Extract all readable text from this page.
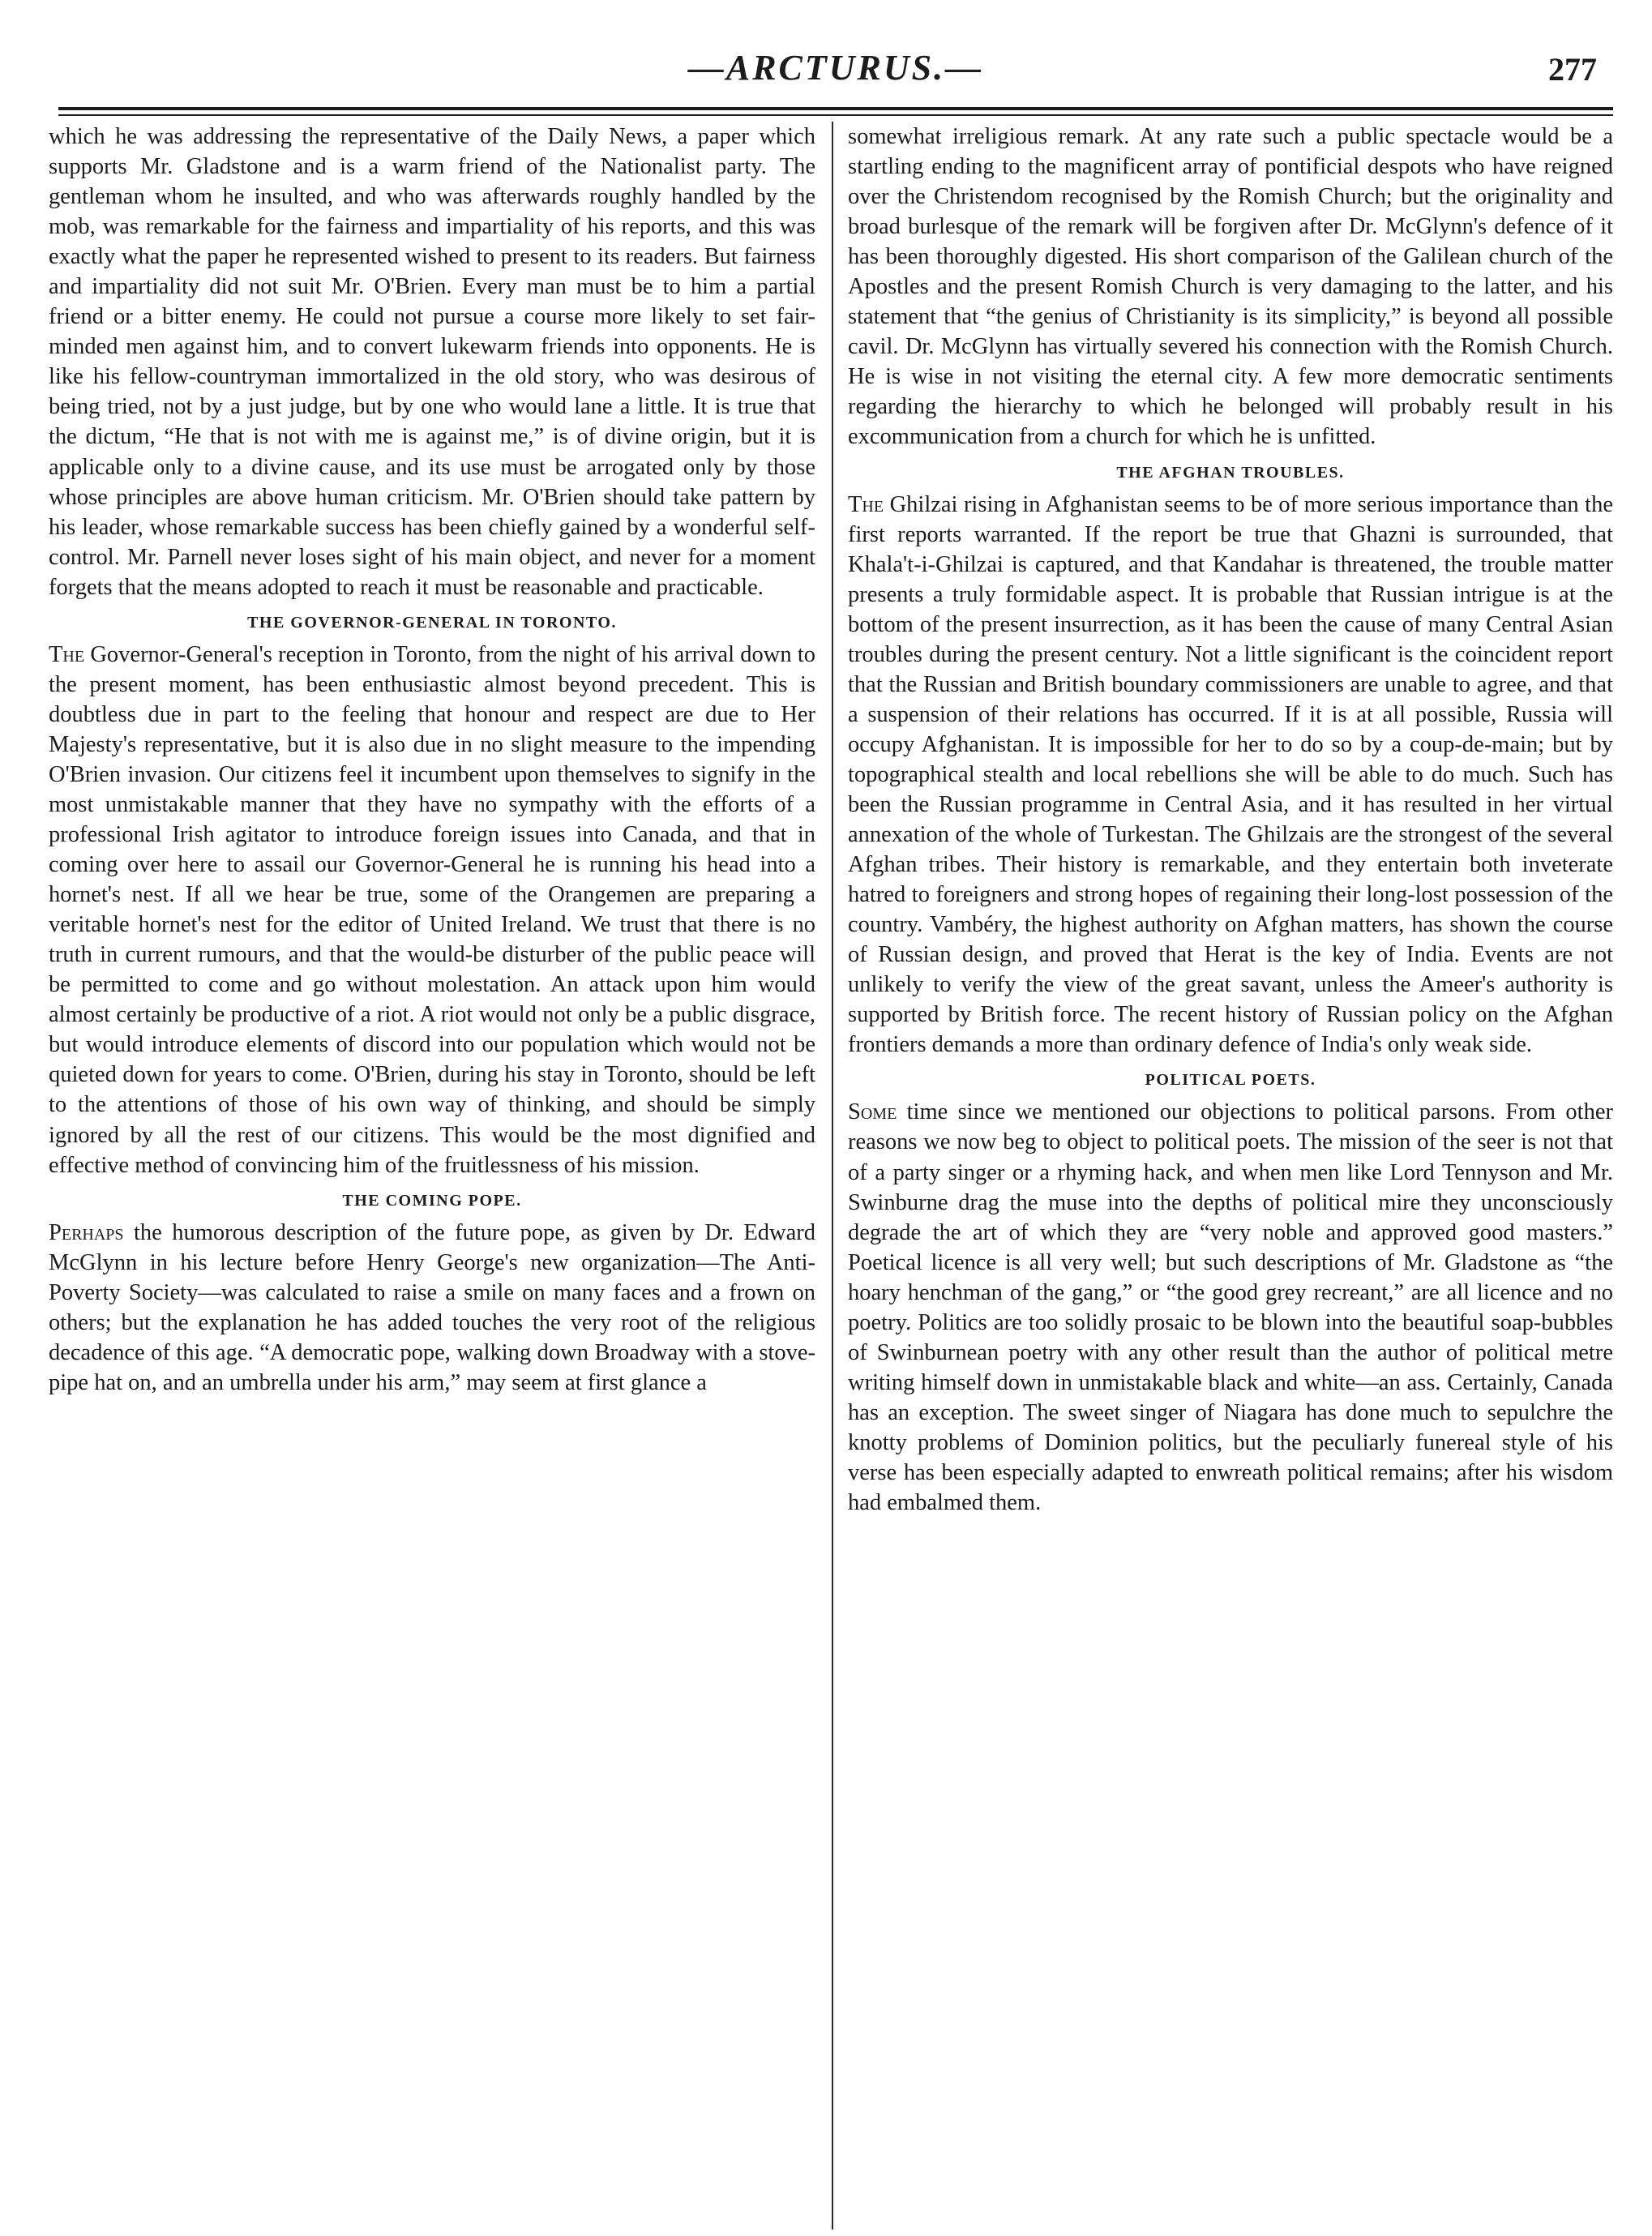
—ARCTURUS.—	277

which he was addressing the representative of the Daily News, a paper which supports Mr. Gladstone and is a warm friend of the Nationalist party. The gentleman whom he insulted, and who was afterwards roughly handled by the mob, was remarkable for the fairness and impartiality of his reports, and this was exactly what the paper he represented wished to present to its readers. But fairness and impartiality did not suit Mr. O'Brien. Every man must be to him a partial friend or a bitter enemy. He could not pursue a course more likely to set fair-minded men against him, and to convert lukewarm friends into opponents. He is like his fellow-countryman immortalized in the old story, who was desirous of being tried, not by a just judge, but by one who would lane a little. It is true that the dictum, “He that is not with me is against me,” is of divine origin, but it is applicable only to a divine cause, and its use must be arrogated only by those whose principles are above human criticism. Mr. O'Brien should take pattern by his leader, whose remarkable success has been chiefly gained by a wonderful self-control. Mr. Parnell never loses sight of his main object, and never for a moment forgets that the means adopted to reach it must be reasonable and practicable.

THE GOVERNOR-GENERAL IN TORONTO.

The Governor-General's reception in Toronto, from the night of his arrival down to the present moment, has been enthusiastic almost beyond precedent. This is doubtless due in part to the feeling that honour and respect are due to Her Majesty's representative, but it is also due in no slight measure to the impending O'Brien invasion. Our citizens feel it incumbent upon themselves to signify in the most unmistakable manner that they have no sympathy with the efforts of a professional Irish agitator to introduce foreign issues into Canada, and that in coming over here to assail our Governor-General he is running his head into a hornet's nest. If all we hear be true, some of the Orangemen are preparing a veritable hornet's nest for the editor of United Ireland. We trust that there is no truth in current rumours, and that the would-be disturber of the public peace will be permitted to come and go without molestation. An attack upon him would almost certainly be productive of a riot. A riot would not only be a public disgrace, but would introduce elements of discord into our population which would not be quieted down for years to come. O'Brien, during his stay in Toronto, should be left to the attentions of those of his own way of thinking, and should be simply ignored by all the rest of our citizens. This would be the most dignified and effective method of convincing him of the fruitlessness of his mission.

THE COMING POPE.

Perhaps the humorous description of the future pope, as given by Dr. Edward McGlynn in his lecture before Henry George's new organization—The Anti-Poverty Society—was calculated to raise a smile on many faces and a frown on others; but the explanation he has added touches the very root of the religious decadence of this age. “A democratic pope, walking down Broadway with a stove-pipe hat on, and an umbrella under his arm,” may seem at first glance a

somewhat irreligious remark. At any rate such a public spectacle would be a startling ending to the magnificent array of pontificial despots who have reigned over the Christendom recognised by the Romish Church; but the originality and broad burlesque of the remark will be forgiven after Dr. McGlynn's defence of it has been thoroughly digested. His short comparison of the Galilean church of the Apostles and the present Romish Church is very damaging to the latter, and his statement that “the genius of Christianity is its simplicity,” is beyond all possible cavil. Dr. McGlynn has virtually severed his connection with the Romish Church. He is wise in not visiting the eternal city. A few more democratic sentiments regarding the hierarchy to which he belonged will probably result in his excommunication from a church for which he is unfitted.

THE AFGHAN TROUBLES.

The Ghilzai rising in Afghanistan seems to be of more serious importance than the first reports warranted. If the report be true that Ghazni is surrounded, that Khala't-i-Ghilzai is captured, and that Kandahar is threatened, the trouble matter presents a truly formidable aspect. It is probable that Russian intrigue is at the bottom of the present insurrection, as it has been the cause of many Central Asian troubles during the present century. Not a little significant is the coincident report that the Russian and British boundary commissioners are unable to agree, and that a suspension of their relations has occurred. If it is at all possible, Russia will occupy Afghanistan. It is impossible for her to do so by a coup-de-main; but by topographical stealth and local rebellions she will be able to do much. Such has been the Russian programme in Central Asia, and it has resulted in her virtual annexation of the whole of Turkestan. The Ghilzais are the strongest of the several Afghan tribes. Their history is remarkable, and they entertain both inveterate hatred to foreigners and strong hopes of regaining their long-lost possession of the country. Vambéry, the highest authority on Afghan matters, has shown the course of Russian design, and proved that Herat is the key of India. Events are not unlikely to verify the view of the great savant, unless the Ameer's authority is supported by British force. The recent history of Russian policy on the Afghan frontiers demands a more than ordinary defence of India's only weak side.

POLITICAL POETS.

Some time since we mentioned our objections to political parsons. From other reasons we now beg to object to political poets. The mission of the seer is not that of a party singer or a rhyming hack, and when men like Lord Tennyson and Mr. Swinburne drag the muse into the depths of political mire they unconsciously degrade the art of which they are “very noble and approved good masters.” Poetical licence is all very well; but such descriptions of Mr. Gladstone as “the hoary henchman of the gang,” or “the good grey recreant,” are all licence and no poetry. Politics are too solidly prosaic to be blown into the beautiful soap-bubbles of Swinburnean poetry with any other result than the author of political metre writing himself down in unmistakable black and white—an ass. Certainly, Canada has an exception. The sweet singer of Niagara has done much to sepulchre the knotty problems of Dominion politics, but the peculiarly funereal style of his verse has been especially adapted to enwreath political remains; after his wisdom had embalmed them.
